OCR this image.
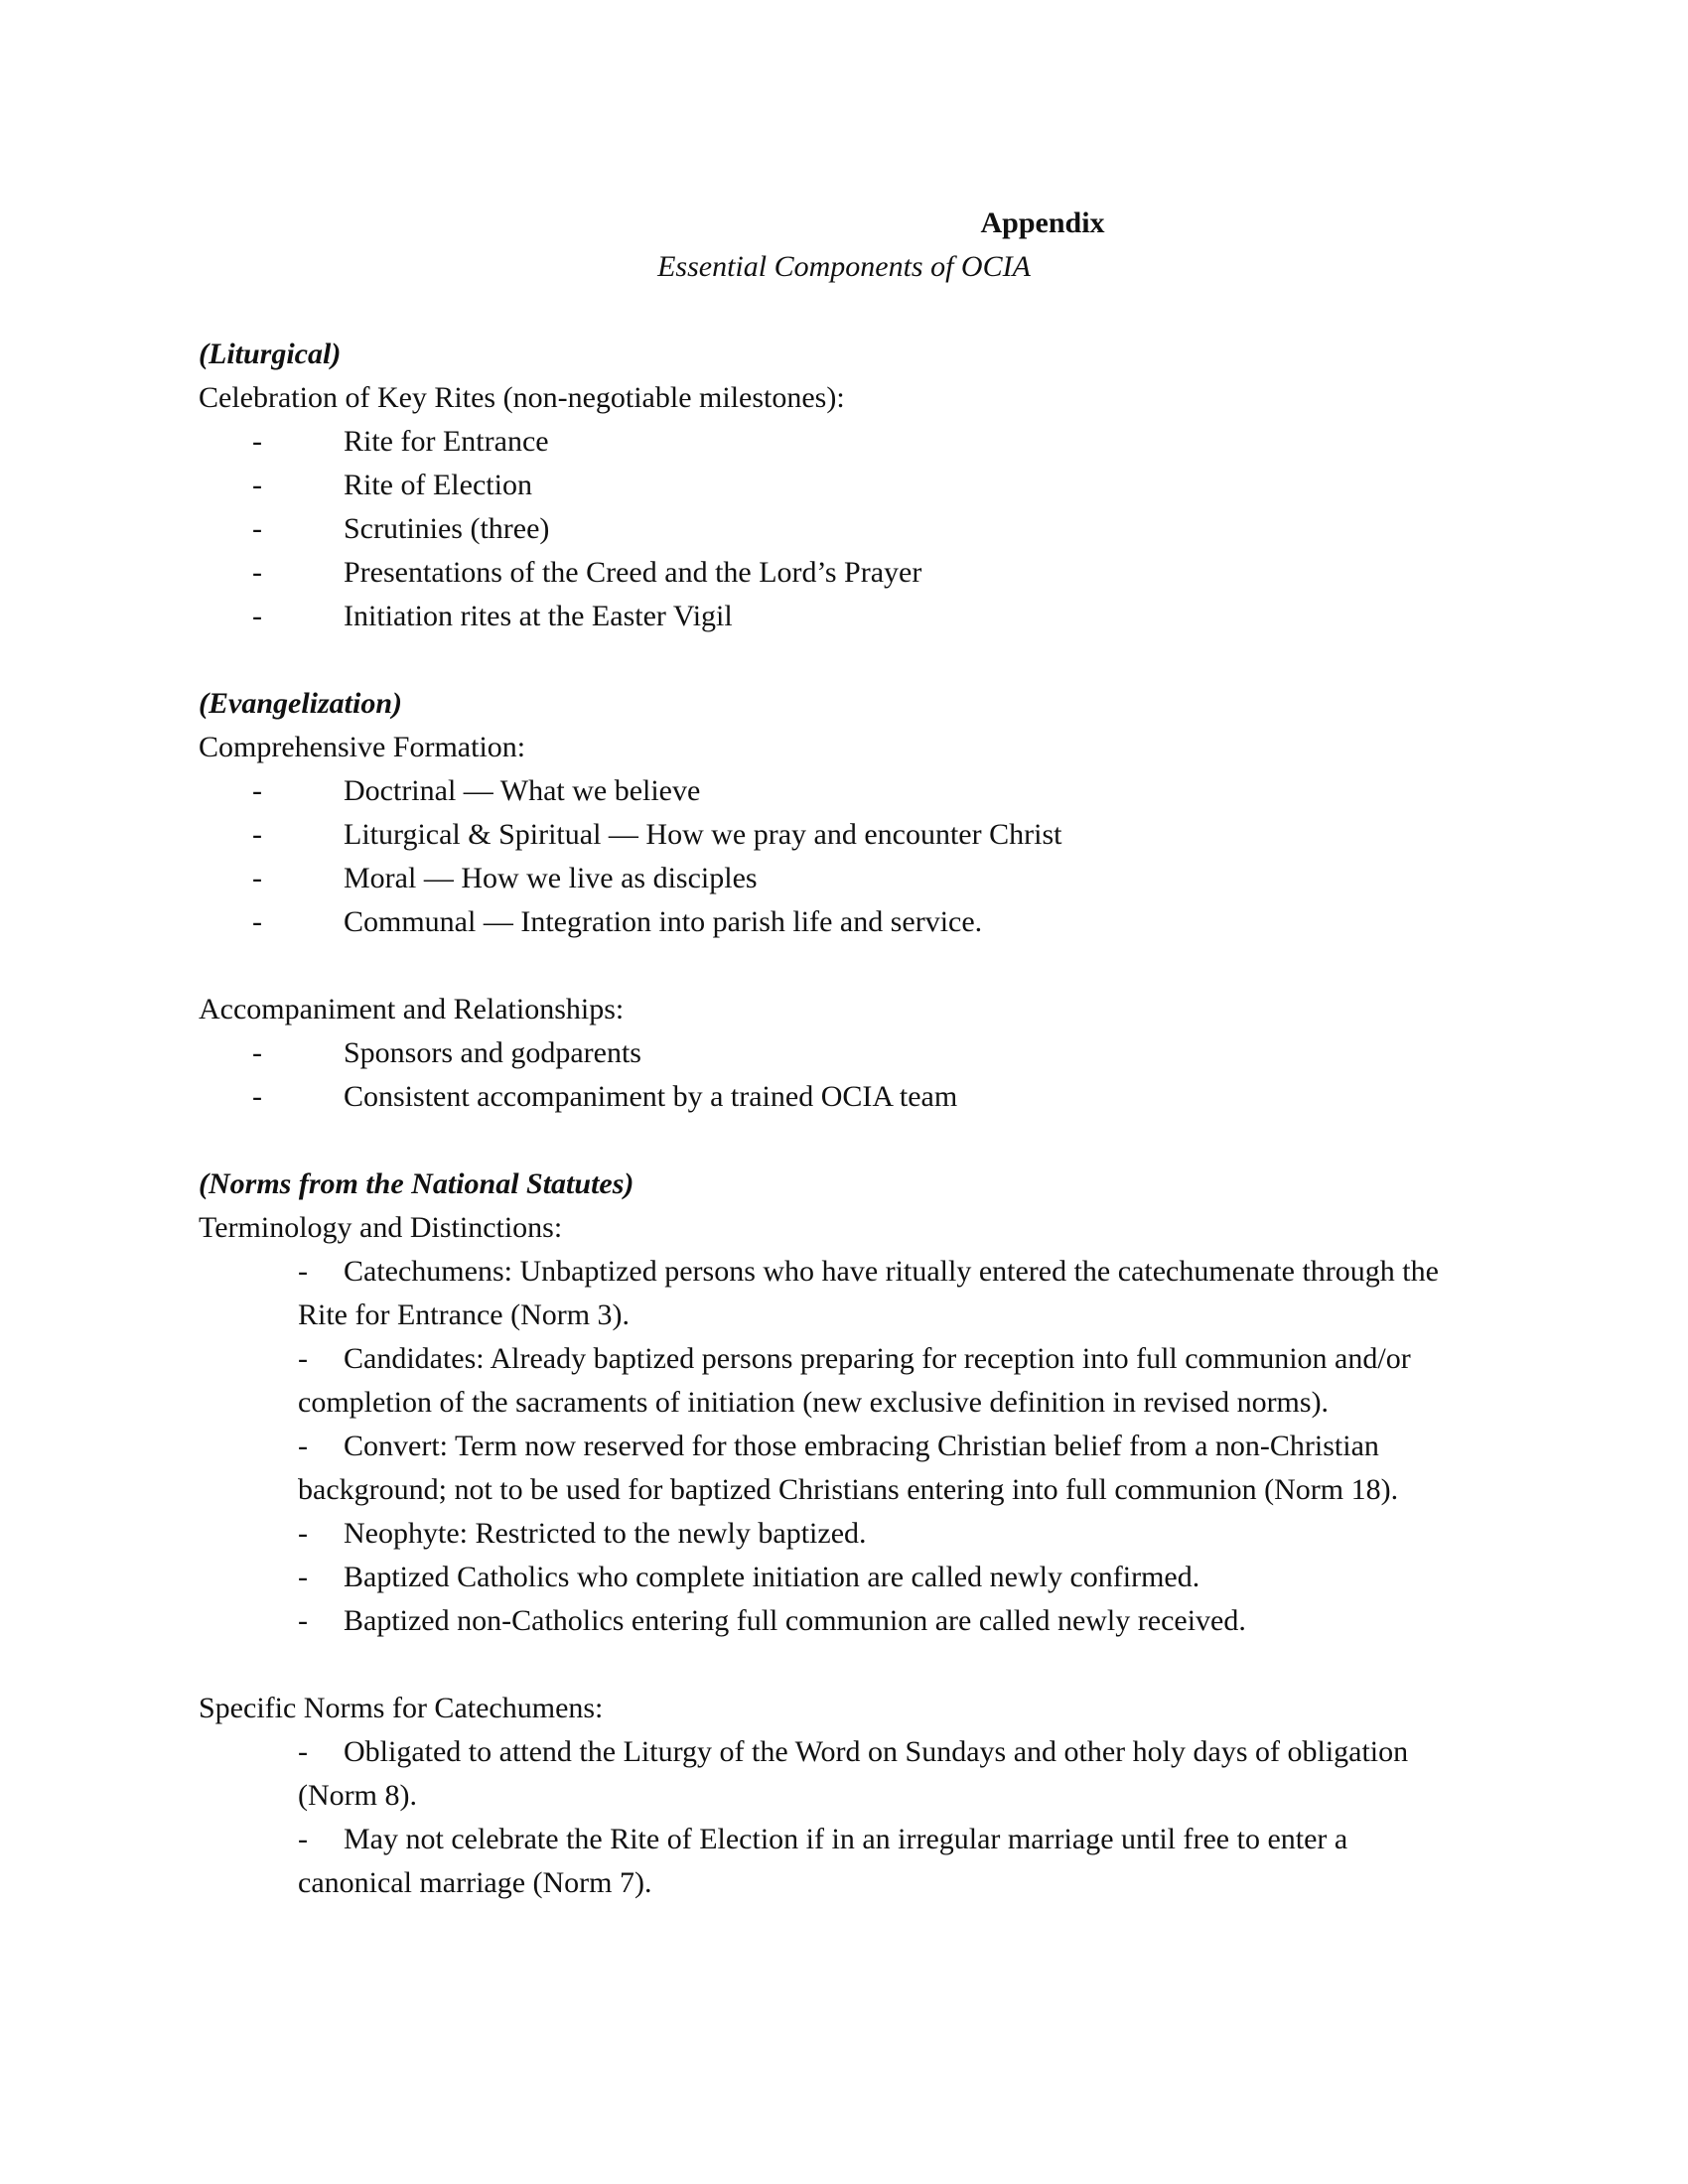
Appendix

Essential Components of OCIA

(Liturgical)

Celebration of Key Rites (non-negotiable milestones):

-	Rite for Entrance
-	Rite of Election
-	Scrutinies (three)
-	Presentations of the Creed and the Lord’s Prayer
-	Initiation rites at the Easter Vigil

(Evangelization)

Comprehensive Formation:

-	Doctrinal — What we believe
-	Liturgical & Spiritual — How we pray and encounter Christ
-	Moral — How we live as disciples
-	Communal — Integration into parish life and service.

Accompaniment and Relationships:

-	Sponsors and godparents
-	Consistent accompaniment by a trained OCIA team

(Norms from the National Statutes)

Terminology and Distinctions:

- Catechumens: Unbaptized persons who have ritually entered the catechumenate through the Rite for Entrance (Norm 3).
- Candidates: Already baptized persons preparing for reception into full communion and/or completion of the sacraments of initiation (new exclusive definition in revised norms).
- Convert: Term now reserved for those embracing Christian belief from a non-Christian background; not to be used for baptized Christians entering into full communion (Norm 18).
- Neophyte: Restricted to the newly baptized.
- Baptized Catholics who complete initiation are called newly confirmed.
- Baptized non-Catholics entering full communion are called newly received.

Specific Norms for Catechumens:

- Obligated to attend the Liturgy of the Word on Sundays and other holy days of obligation (Norm 8).
- May not celebrate the Rite of Election if in an irregular marriage until free to enter a canonical marriage (Norm 7).
